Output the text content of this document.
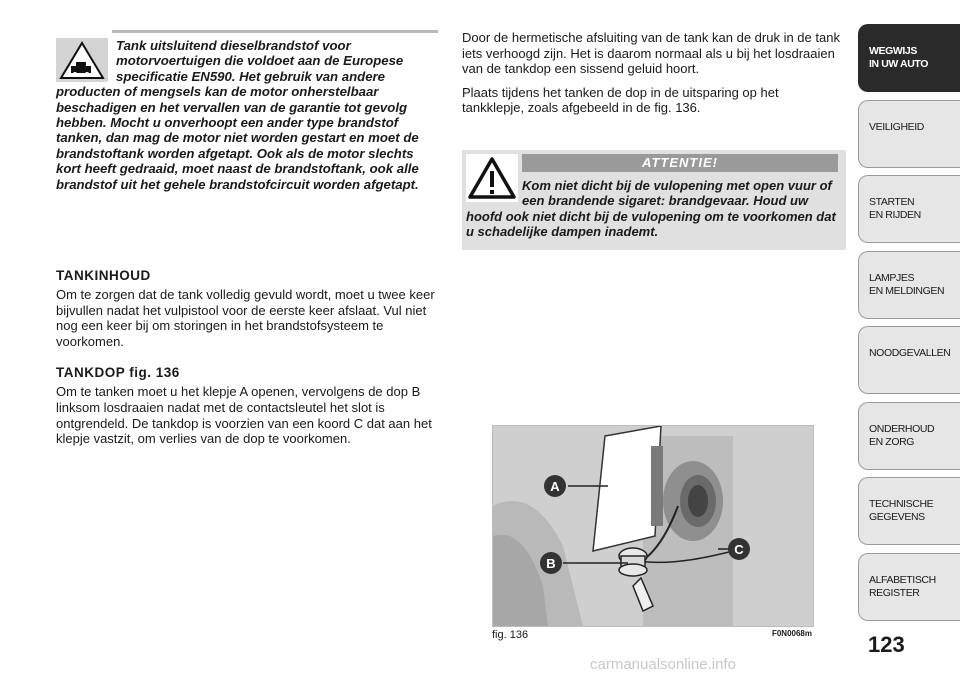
Tank uitsluitend dieselbrandstof voor motorvoertuigen die voldoet aan de Europese specificatie EN590. Het gebruik van andere producten of mengsels kan de motor onherstelbaar beschadigen en het vervallen van de garantie tot gevolg hebben. Mocht u onverhoopt een ander type brandstof tanken, dan mag de motor niet worden gestart en moet de brandstoftank worden afgetapt. Ook als de motor slechts kort heeft gedraaid, moet naast de brandstoftank, ook alle brandstof uit het gehele brandstofcircuit worden afgetapt.
TANKINHOUD

Om te zorgen dat de tank volledig gevuld wordt, moet u twee keer bijvullen nadat het vulpistool voor de eerste keer afslaat. Vul niet nog een keer bij om storingen in het brandstofsysteem te voorkomen.

TANKDOP fig. 136

Om te tanken moet u het klepje A openen, vervolgens de dop B linksom losdraaien nadat met de contactsleutel het slot is ontgrendeld. De tankdop is voorzien van een koord C dat aan het klepje vastzit, om verlies van de dop te voorkomen.

Door de hermetische afsluiting van de tank kan de druk in de tank iets verhoogd zijn. Het is daarom normaal als u bij het losdraaien van de tankdop een sissend geluid hoort.

Plaats tijdens het tanken de dop in de uitsparing op het tankklepje, zoals afgebeeld in de fig. 136.

ATTENTIE!
Kom niet dicht bij de vulopening met open vuur of een brandende sigaret: brandgevaar. Houd uw hoofd ook niet dicht bij de vulopening om te voorkomen dat u schadelijke dampen inademt.
A
B
C
fig. 136	F0N0068m
WEGWIJS
IN UW AUTO
VEILIGHEID
STARTEN
EN RIJDEN
LAMPJES
EN MELDINGEN
NOODGEVALLEN
ONDERHOUD
EN ZORG
TECHNISCHE
GEGEVENS
ALFABETISCH
REGISTER
123
carmanualsonline.info
